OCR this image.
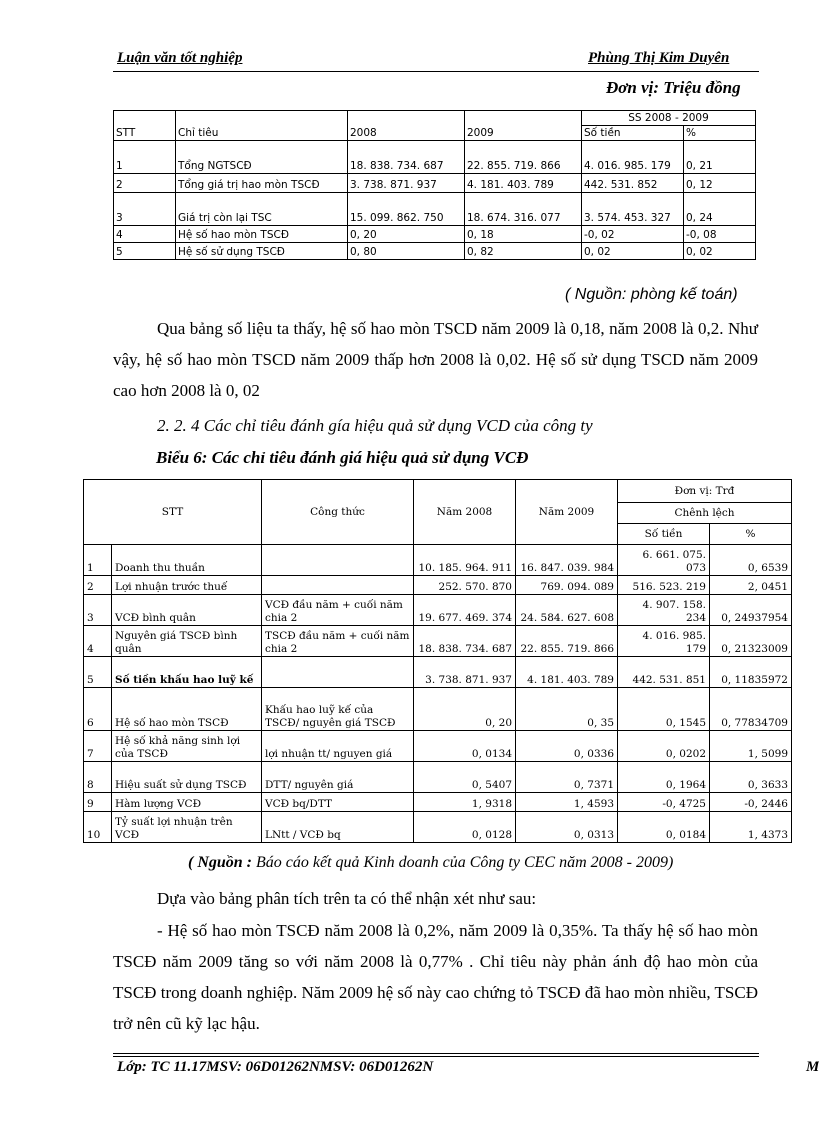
Luận văn tốt nghiệp	Phùng Thị Kim Duyên
Đơn vị: Triệu đồng
				SS 2008 - 2009	
STT	Chỉ tiêu	2008	2009	Số tiền	%
1	Tổng NGTSCĐ	18. 838. 734. 687	22. 855. 719. 866	4. 016. 985. 179	0, 21
2	Tổng giá trị hao mòn TSCĐ	3. 738. 871. 937	4. 181. 403. 789	442. 531. 852	0, 12
3	Giá trị còn lại TSC	15. 099. 862. 750	18. 674. 316. 077	3. 574. 453. 327	0, 24
4	Hệ số hao mòn TSCĐ	0, 20	0, 18	-0, 02	-0, 08
5	Hệ số sử dụng TSCĐ	0, 80	0, 82	0, 02	0, 02
( Nguồn: phòng kế toán)
Qua bảng số liệu ta thấy, hệ số hao mòn TSCD năm 2009 là 0,18, năm 2008 là 0,2. Như vậy, hệ số hao mòn TSCD năm 2009 thấp hơn 2008 là 0,02. Hệ số sử dụng TSCD năm 2009 cao hơn 2008 là 0, 02
2. 2. 4 Các chỉ tiêu đánh gía hiệu quả sử dụng VCD của công ty
Biểu 6: Các chỉ tiêu đánh giá hiệu quả sử dụng VCĐ
STT		Công thức	Năm 2008	Năm 2009	Đơn vị: Trđ	
					Chênh lệch	
					Số tiền	%
1	Doanh thu thuần		10. 185. 964. 911	16. 847. 039. 984	6. 661. 075. 073	0, 6539
2	Lợi nhuận trước thuế		252. 570. 870	769. 094. 089	516. 523. 219	2, 0451
3	VCĐ bình quân	VCĐ đầu năm + cuối năm chia 2	19. 677. 469. 374	24. 584. 627. 608	4. 907. 158. 234	0, 24937954
4	Nguyên giá TSCĐ bình quân	TSCĐ đầu năm + cuối năm chia 2	18. 838. 734. 687	22. 855. 719. 866	4. 016. 985. 179	0, 21323009
5	Số tiền khấu hao luỹ kế		3. 738. 871. 937	4. 181. 403. 789	442. 531. 851	0, 11835972
6	Hệ số hao mòn TSCĐ	Khấu hao luỹ kế của TSCĐ/ nguyên giá TSCĐ	0, 20	0, 35	0, 1545	0, 77834709
7	Hệ số khả năng sinh lợi của TSCĐ	lợi nhuận tt/ nguyen giá	0, 0134	0, 0336	0, 0202	1, 5099
8	Hiệu suất sử dụng TSCĐ	DTT/ nguyên giá	0, 5407	0, 7371	0, 1964	0, 3633
9	Hàm lượng VCĐ	VCĐ bq/DTT	1, 9318	1, 4593	-0, 4725	-0, 2446
10	Tỷ suất lợi nhuận trên VCĐ	LNtt / VCĐ bq	0, 0128	0, 0313	0, 0184	1, 4373
( Nguồn : Báo cáo kết quả Kinh doanh của Công ty CEC năm 2008 - 2009)
Dựa vào bảng phân tích trên ta có thể nhận xét như sau:
- Hệ số hao mòn TSCĐ năm 2008 là 0,2%, năm 2009 là 0,35%. Ta thấy hệ số hao mòn TSCĐ năm 2009 tăng so với năm 2008 là 0,77% . Chỉ tiêu này phản ánh độ hao mòn của TSCĐ trong doanh nghiệp. Năm 2009 hệ số này cao chứng tỏ TSCĐ đã hao mòn nhiều, TSCĐ trở nên cũ kỹ lạc hậu.
Lớp: TC 11.17MSV: 06D01262NMSV: 06D01262N	M
